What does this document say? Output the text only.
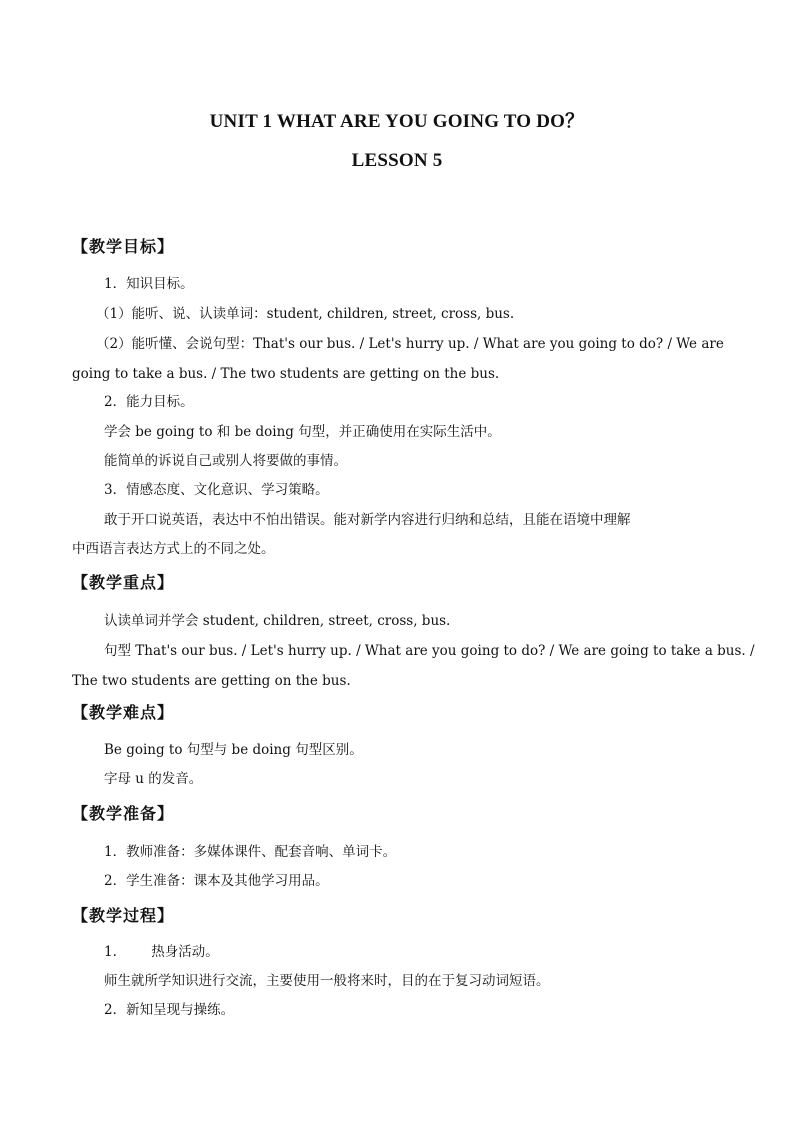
UNIT 1 WHAT ARE YOU GOING TO DO？
LESSON 5
【教学目标】
1．知识目标。
（1）能听、说、认读单词：student, children, street, cross, bus.
（2）能听懂、会说句型：That's our bus. / Let's hurry up. / What are you going to do? / We are
going to take a bus. / The two students are getting on the bus.
2．能力目标。
学会 be going to 和 be doing 句型，并正确使用在实际生活中。
能简单的诉说自己或别人将要做的事情。
3．情感态度、文化意识、学习策略。
敢于开口说英语，表达中不怕出错误。能对新学内容进行归纳和总结，且能在语境中理解
中西语言表达方式上的不同之处。
【教学重点】
认读单词并学会 student, children, street, cross, bus.
句型 That's our bus. / Let's hurry up. / What are you going to do? / We are going to take a bus. /
The two students are getting on the bus.
【教学难点】
Be going to 句型与 be doing 句型区别。
字母 u 的发音。
【教学准备】
1．教师准备：多媒体课件、配套音响、单词卡。
2．学生准备：课本及其他学习用品。
【教学过程】
1.        热身活动。
师生就所学知识进行交流，主要使用一般将来时，目的在于复习动词短语。
2．新知呈现与操练。
